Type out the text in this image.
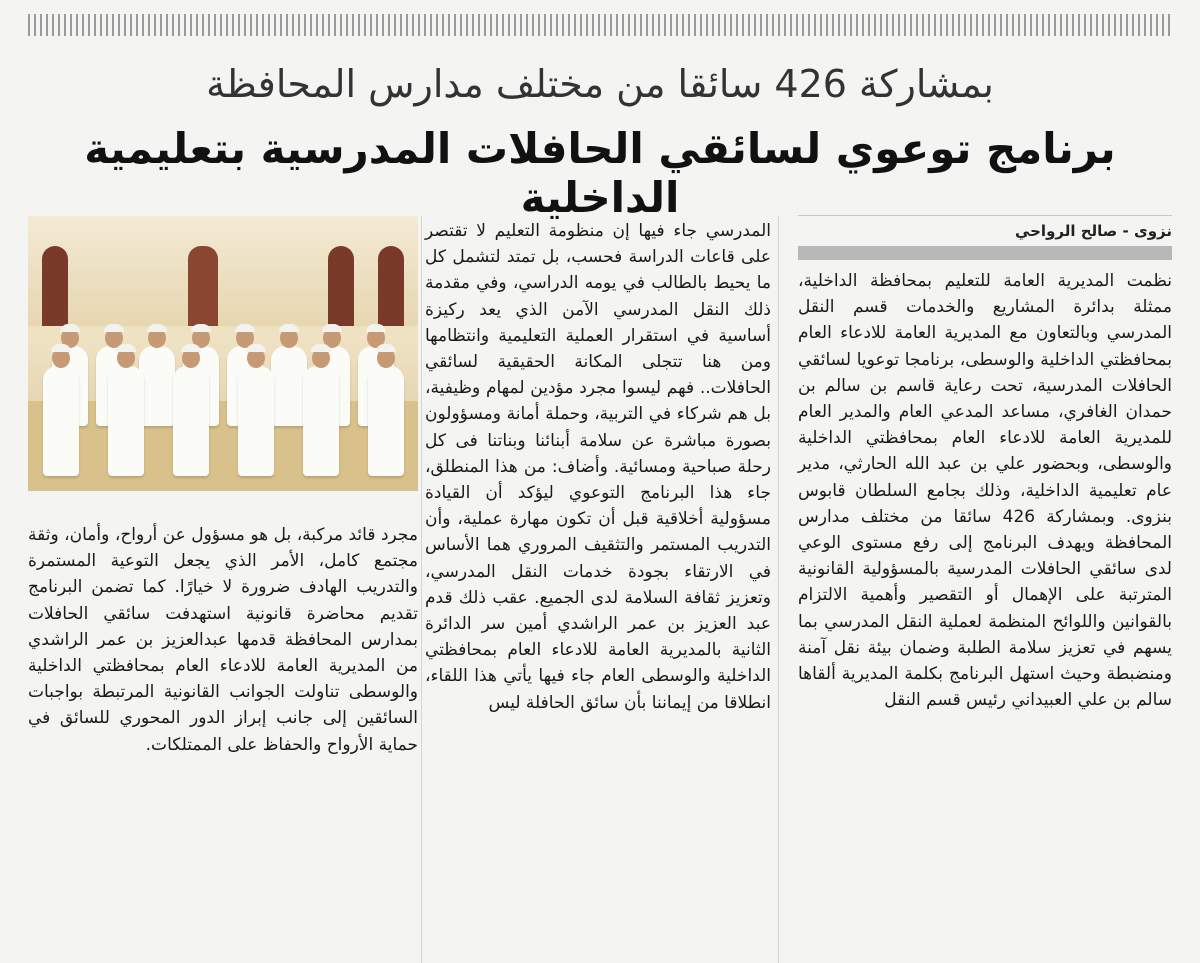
بمشاركة 426 سائقا من مختلف مدارس المحافظة
برنامج توعوي لسائقي الحافلات المدرسية بتعليمية الداخلية
نزوى - صالح الرواحي

نظمت المديرية العامة للتعليم بمحافظة الداخلية، ممثلة بدائرة المشاريع والخدمات قسم النقل المدرسي وبالتعاون مع المديرية العامة للادعاء العام بمحافظتي الداخلية والوسطى، برنامجا توعويا لسائقي الحافلات المدرسية، تحت رعاية قاسم بن سالم بن حمدان الغافري، مساعد المدعي العام والمدير العام للمديرية العامة للادعاء العام بمحافظتي الداخلية والوسطى، وبحضور علي بن عبد الله الحارثي، مدير عام تعليمية الداخلية، وذلك بجامع السلطان قابوس بنزوى. وبمشاركة 426 سائقا من مختلف مدارس المحافظة ويهدف البرنامج إلى رفع مستوى الوعي لدى سائقي الحافلات المدرسية بالمسؤولية القانونية المترتبة على الإهمال أو التقصير وأهمية الالتزام بالقوانين واللوائح المنظمة لعملية النقل المدرسي بما يسهم في تعزيز سلامة الطلبة وضمان بيئة نقل آمنة ومنضبطة وحيث استهل البرنامج بكلمة المديرية ألقاها سالم بن علي العبيداني رئيس قسم النقل

المدرسي جاء فيها إن منظومة التعليم لا تقتصر على قاعات الدراسة فحسب، بل تمتد لتشمل كل ما يحيط بالطالب في يومه الدراسي، وفي مقدمة ذلك النقل المدرسي الآمن الذي يعد ركيزة أساسية في استقرار العملية التعليمية وانتظامها ومن هنا تتجلى المكانة الحقيقية لسائقي الحافلات.. فهم ليسوا مجرد مؤدين لمهام وظيفية، بل هم شركاء في التربية، وحملة أمانة ومسؤولون بصورة مباشرة عن سلامة أبنائنا وبناتنا فى كل رحلة صباحية ومسائية. وأضاف: من هذا المنطلق، جاء هذا البرنامج التوعوي ليؤكد أن القيادة مسؤولية أخلاقية قبل أن تكون مهارة عملية، وأن التدريب المستمر والتثقيف المروري هما الأساس في الارتقاء بجودة خدمات النقل المدرسي، وتعزيز ثقافة السلامة لدى الجميع. عقب ذلك قدم عبد العزيز بن عمر الراشدي أمين سر الدائرة الثانية بالمديرية العامة للادعاء العام بمحافظتي الداخلية والوسطى العام جاء فيها يأتي هذا اللقاء، انطلاقا من إيماننا بأن سائق الحافلة ليس

مجرد قائد مركبة، بل هو مسؤول عن أرواح، وأمان، وثقة مجتمع كامل، الأمر الذي يجعل التوعية المستمرة والتدريب الهادف ضرورة لا خيارًا. كما تضمن البرنامج تقديم محاضرة قانونية استهدفت سائقي الحافلات بمدارس المحافظة قدمها عبدالعزيز بن عمر الراشدي من المديرية العامة للادعاء العام بمحافظتي الداخلية والوسطى تناولت الجوانب القانونية المرتبطة بواجبات السائقين إلى جانب إبراز الدور المحوري للسائق في حماية الأرواح والحفاظ على الممتلكات.
